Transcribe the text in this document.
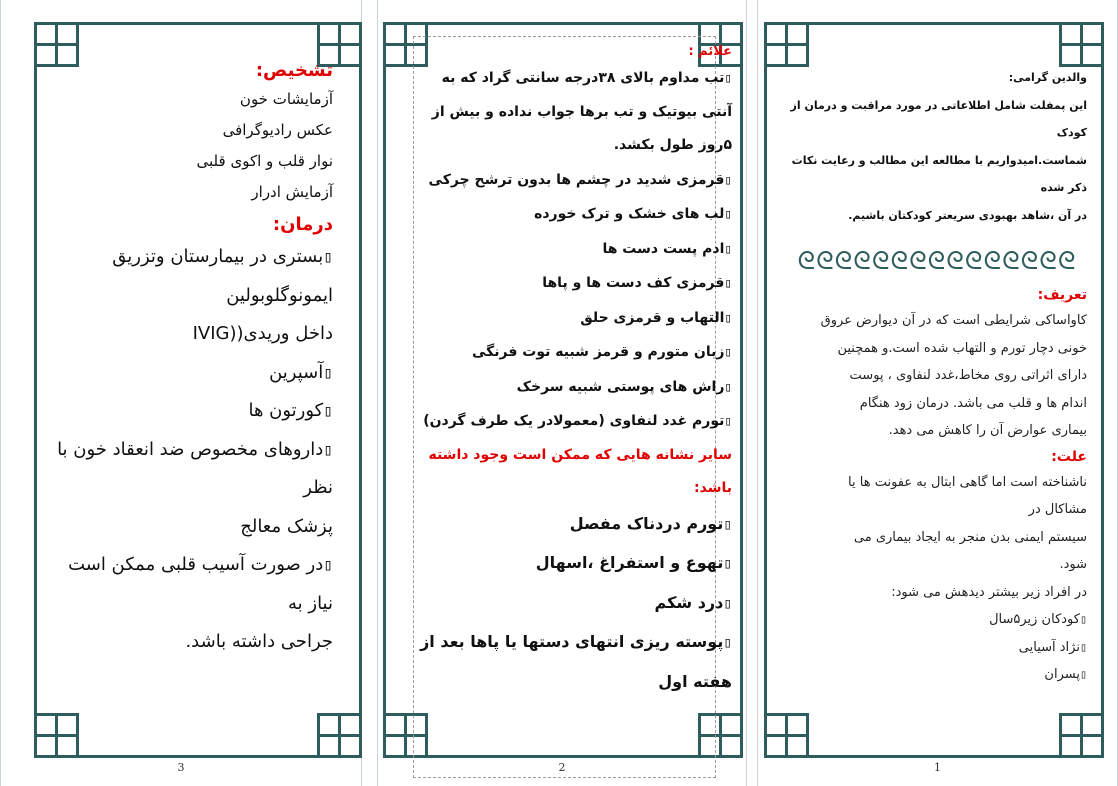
تشخیص:
آزمایشات خون
عکس رادیوگرافی
نوار قلب و اکوی قلبی
آزمایش ادرار
درمان:
▯بستری در بیمارستان وتزریق
ایمونوگلوبولین
داخل وریدی((IVIG
▯آسپرین
▯کورتون ها
▯داروهای مخصوص ضد انعقاد خون با
نظر
پزشک معالج
▯در صورت آسیب قلبی ممکن است
نیاز به
جراحی داشته باشد.
3
علائم :
▯تب مداوم بالای ۳۸درجه سانتی گراد که به
آنتی بیوتیک و تب برها جواب نداده و بیش از
۵روز طول بکشد.
▯قرمزی شدید در چشم ها بدون ترشح چرکی
▯لب های خشک و ترک خورده
▯ادم پست دست ها
▯قرمزی کف دست ها و پاها
▯التهاب و قرمزی حلق
▯زبان متورم و قرمز شبیه توت فرنگی
▯راش های پوستی شبیه سرخک
▯تورم غدد لنفاوی (معمولادر یک طرف گردن)
سایر نشانه هایی که ممکن است وجود داشته
باشد:
▯تورم دردناک مفصل
▯تهوع و استفراغ ،اسهال
▯درد شکم
▯پوسته ریزی انتهای دستها یا پاها بعد از
هفته اول
2
والدین گرامی:
این پمفلت شامل اطلاعاتی در مورد مراقبت و درمان از کودک
شماست.امیدواریم با مطالعه این مطالب و رعایت نکات ذکر شده
در آن ،شاهد بهبودی سریعتر کودکتان باشیم.
ᘓᘓᘓᘓᘓᘓᘓᘓᘓᘓᘓᘓᘓᘓᘓ
تعریف:
کاواساکی شرایطی است که در آن دیوارض عروق
خونی دچار تورم و التهاب شده است.و همچنین
دارای اثراتی روی مخاط،غدد لنفاوی ، پوست
اندام ها و قلب می باشد. درمان زود هنگام
بیماری عوارض آن را کاهش می دهد.
علت:
ناشناخته است اما گاهی ابتال به عفونت ها یا
مشاکال در
سیستم ایمنی بدن منجر به ایجاد بیماری می
شود.
در افراد زیر بیشتر دیدهش می شود:
▯کودکان زیر۵سال
▯نژاد آسیایی
▯پسران
1
